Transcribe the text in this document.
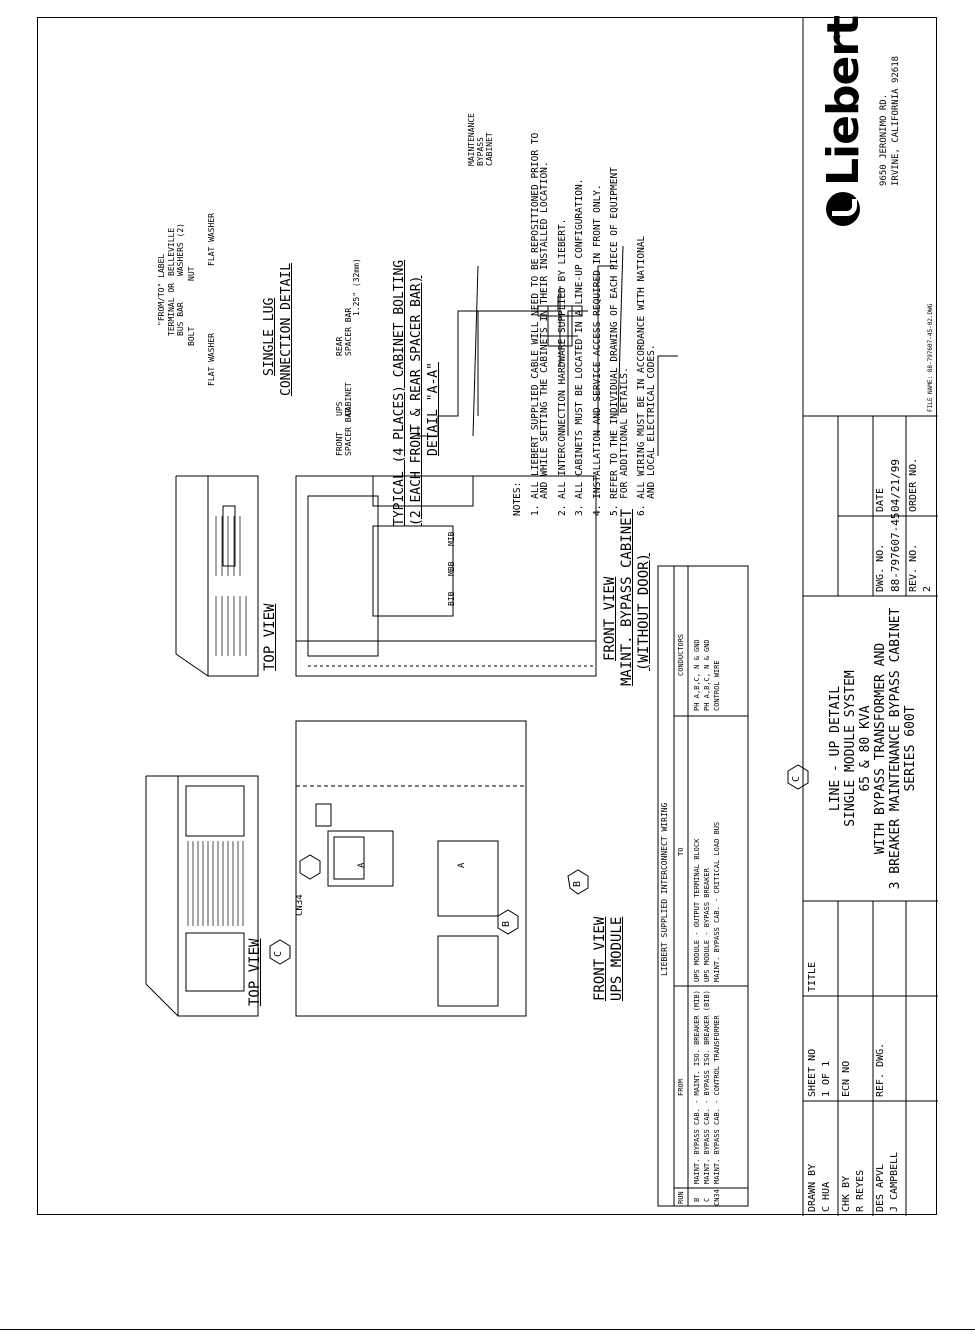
TOP VIEW
TOP VIEW
FRONT VIEW UPS MODULE
FRONT VIEW MAINT. BYPASS CABINET (WITHOUT DOOR)
C
B
B
C
CN34
A	A
BIB
MBB
MIB
SINGLE LUG CONNECTION DETAIL
"FROM/TO" LABEL TERMINAL OR BUS BAR
BOLT FLAT WASHER
BELLEVILLE WASHERS (2) NUT
FLAT WASHER
TYPICAL (4 PLACES) CABINET BOLTING (2 EACH FRONT & REAR SPACER BAR) DETAIL "A-A"
FRONT SPACER BAR
UPS CABINET
REAR SPACER BAR
1.25" (32mm)
MAINTENANCE BYPASS CABINET
NOTES: 1. ALL LIEBERT SUPPLIED CABLE WILL NEED TO BE REPOSITIONED PRIOR TO
AND WHILE SETTING THE CABINETS IN THEIR INSTALLED LOCATION. 2. ALL INTERCONNECTION HARDWARE SUPPLIED BY LIEBERT. 3. ALL CABINETS MUST BE LOCATED IN A LINE-UP CONFIGURATION. 4. INSTALLATION AND SERVICE ACCESS REQUIRED IN FRONT ONLY. 5. REFER TO THE INDIVIDUAL DRAWING OF EACH PIECE OF EQUIPMENT
FOR ADDITIONAL DETAILS. 6. ALL WIRING MUST BE IN ACCORDANCE WITH NATIONAL
AND LOCAL ELECTRICAL CODES.
LIEBERT SUPPLIED INTERCONNECT WIRING
RUN
FROM
TO
CONDUCTORS
B
MAINT. BYPASS CAB. - MAINT. ISO. BREAKER (MIB)
UPS MODULE - OUTPUT TERMINAL BLOCK
PH A,B,C, N & GND
C
MAINT. BYPASS CAB. - BYPASS ISO. BREAKER (BIB)
UPS MODULE - BYPASS BREAKER
PH A,B,C, N & GND
CN34
MAINT. BYPASS CAB. - CONTROL TRANSFORMER
MAINT. BYPASS CAB. - CRITICAL LOAD BUS
CONTROL WIRE
DRAWN BY C HUA CHK BY R REYES DES APVL J CAMPBELL
SHEET NO 1 OF 1 ECN NO REF. DWG.
TITLE
LINE - UP DETAIL SINGLE MODULE SYSTEM 65 & 80 KVA WITH BYPASS TRANSFORMER AND 3 BREAKER MAINTENANCE BYPASS CABINET SERIES 600T
DWG. NO. 88-797607-45
DATE 04/21/99
REV. NO. 2
ORDER NO.
FILE NAME: 88-797607-45-02.DWG
Liebert 9650 JERONIMO RD. IRVINE, CALIFORNIA 92618
